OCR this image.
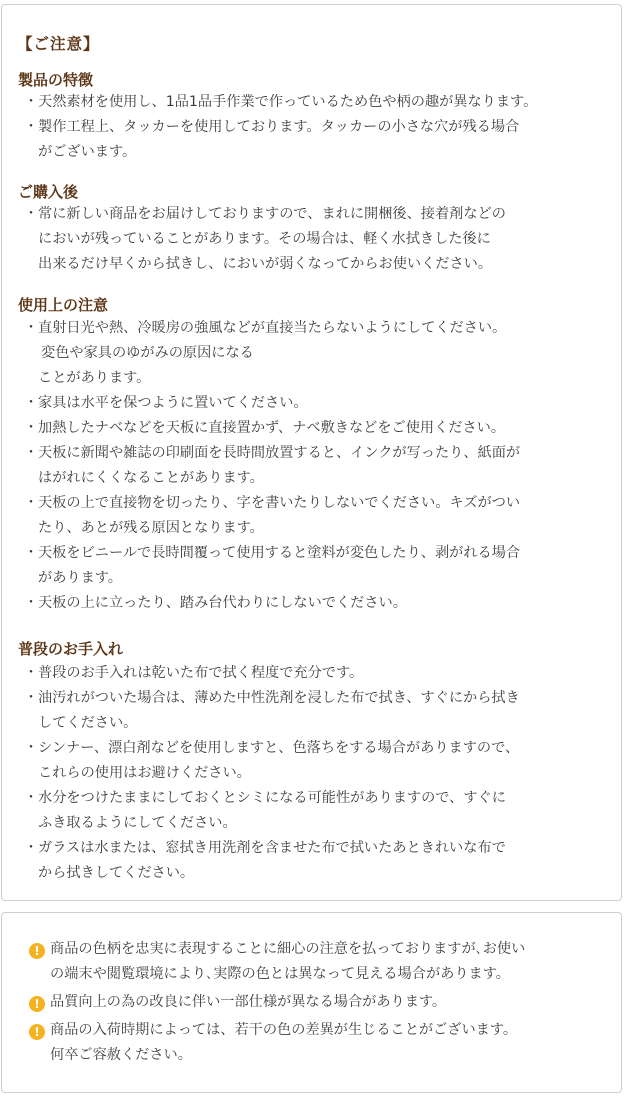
【ご注意】
製品の特徴
・ 天然素材を使用し、1品1品手作業で作っているため色や柄の趣が異なります。
・ 製作工程上、タッカーを使用しております。タッカーの小さな穴が残る場合
がございます。
ご購入後
・ 常に新しい商品をお届けしておりますので、まれに開梱後、接着剤などの
においが残っていることがあります。その場合は、軽く水拭きした後に
出来るだけ早くから拭きし、においが弱くなってからお使いください。
使用上の注意
・ 直射日光や熱、冷暖房の強風などが直接当たらないようにしてください。
変色や家具のゆがみの原因になる
ことがあります。
・ 家具は水平を保つように置いてください。
・ 加熱したナベなどを天板に直接置かず、ナベ敷きなどをご使用ください。
・ 天板に新聞や雑誌の印刷面を長時間放置すると、インクが写ったり、紙面が
はがれにくくなることがあります。
・ 天板の上で直接物を切ったり、字を書いたりしないでください。キズがつい
たり、あとが残る原因となります。
・ 天板をビニールで長時間覆って使用すると塗料が変色したり、剥がれる場合
があります。
・ 天板の上に立ったり、踏み台代わりにしないでください。
普段のお手入れ
・ 普段のお手入れは乾いた布で拭く程度で充分です。
・ 油汚れがついた場合は、薄めた中性洗剤を浸した布で拭き、すぐにから拭き
してください。
・ シンナー、漂白剤などを使用しますと、色落ちをする場合がありますので、
これらの使用はお避けください。
・ 水分をつけたままにしておくとシミになる可能性がありますので、すぐに
ふき取るようにしてください。
・ ガラスは水または、窓拭き用洗剤を含ませた布で拭いたあときれいな布で
から拭きしてください。
! 商品の色柄を忠実に表現することに細心の注意を払っておりますが､お使い
の端末や閲覧環境により､実際の色とは異なって見える場合があります。
! 品質向上の為の改良に伴い一部仕様が異なる場合があります。
! 商品の入荷時期によっては、若干の色の差異が生じることがございます。
何卒ご容赦ください。
